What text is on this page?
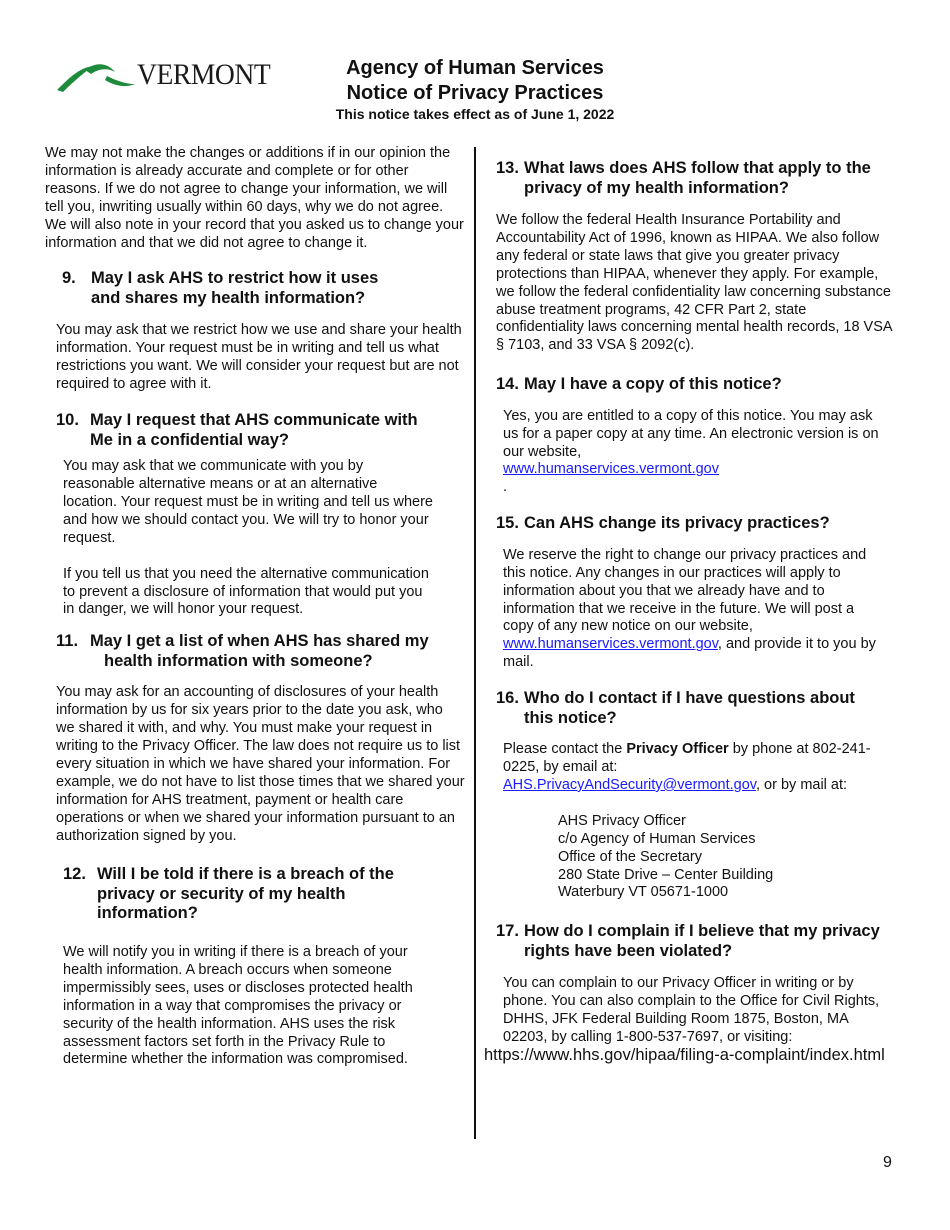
VERMONT	Agency of Human Services
Notice of Privacy Practices
This notice takes effect as of June 1, 2022

We may not make the changes or additions if in our opinion the information is already accurate and complete or for other reasons. If we do not agree to change your information, we will tell you, inwriting usually within 60 days, why we do not agree. We will also note in your record that you asked us to change your information and that we did not agree to change it.

9. May I ask AHS to restrict how it uses
and shares my health information?

You may ask that we restrict how we use and share your health information. Your request must be in writing and tell us what restrictions you want. We will consider your request but are not required to agree with it.

10. May I request that AHS communicate with
Me in a confidential way?

You may ask that we communicate with you by reasonable alternative means or at an alternative location. Your request must be in writing and tell us where and how we should contact you. We will try to honor your request.

If you tell us that you need the alternative communication to prevent a disclosure of information that would put you in danger, we will honor your request.

11. May I get a list of when AHS has shared my
health information with someone?

You may ask for an accounting of disclosures of your health information by us for six years prior to the date you ask, who we shared it with, and why. You must make your request in writing to the Privacy Officer. The law does not require us to list every situation in which we have shared your information. For example, we do not have to list those times that we shared your information for AHS treatment, payment or health care operations or when we shared your information pursuant to an authorization signed by you.

12. Will I be told if there is a breach of the
privacy or security of my health
information?

We will notify you in writing if there is a breach of your health information. A breach occurs when someone impermissibly sees, uses or discloses protected health information in a way that compromises the privacy or security of the health information. AHS uses the risk assessment factors set forth in the Privacy Rule to determine whether the information was compromised.

13. What laws does AHS follow that apply to the
privacy of my health information?

We follow the federal Health Insurance Portability and Accountability Act of 1996, known as HIPAA. We also follow any federal or state laws that give you greater privacy protections than HIPAA, whenever they apply. For example, we follow the federal confidentiality law concerning substance abuse treatment programs, 42 CFR Part 2, state confidentiality laws concerning mental health records, 18 VSA § 7103, and 33 VSA § 2092(c).

14. May I have a copy of this notice?

Yes, you are entitled to a copy of this notice. You may ask us for a paper copy at any time. An electronic version is on our website,

www.humanservices.vermont.gov

.

15. Can AHS change its privacy practices?

We reserve the right to change our privacy practices and this notice. Any changes in our practices will apply to information about you that we already have and to information that we receive in the future. We will post a copy of any new notice on our website, www.humanservices.vermont.gov, and provide it to you by mail.

16. Who do I contact if I have questions about
this notice?

Please contact the Privacy Officer by phone at 802-241-0225, by email at:
AHS.PrivacyAndSecurity@vermont.gov, or by mail at:

AHS Privacy Officer

c/o Agency of Human Services

Office of the Secretary

280 State Drive – Center Building

Waterbury VT 05671-1000

17. How do I complain if I believe that my privacy
rights have been violated?

You can complain to our Privacy Officer in writing or by phone. You can also complain to the Office for Civil Rights, DHHS, JFK Federal Building Room 1875, Boston, MA 02203, by calling 1-800-537-7697, or visiting:

https://www.hhs.gov/hipaa/filing-a-complaint/index.html

9
